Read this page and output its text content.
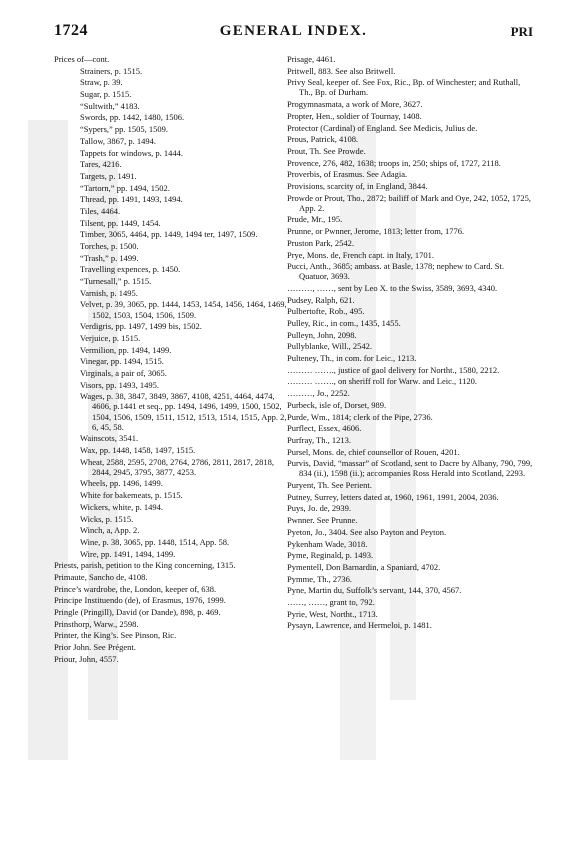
1724	GENERAL INDEX.	PRI

Prices of—cont.

Strainers, p. 1515.

Straw, p. 39.

Sugar, p. 1515.

“Sultwith,” 4183.

Swords, pp. 1442, 1480, 1506.

“Sypers,” pp. 1505, 1509.

Tallow, 3867, p. 1494.

Tappets for windows, p. 1444.

Tares, 4216.

Targets, p. 1491.

“Tartorn,” pp. 1494, 1502.

Thread, pp. 1491, 1493, 1494.

Tiles, 4464.

Tilsent, pp. 1449, 1454.

Timber, 3065, 4464, pp. 1449, 1494 ter, 1497, 1509.

Torches, p. 1500.

“Trash,” p. 1499.

Travelling expences, p. 1450.

“Turnesall,” p. 1515.

Varnish, p. 1495.

Velvet, p. 39, 3065, pp. 1444, 1453, 1454, 1456, 1464, 1469, 1502, 1503, 1504, 1506, 1509.

Verdigris, pp. 1497, 1499 bis, 1502.

Verjuice, p. 1515.

Vermilion, pp. 1494, 1499.

Vinegar, pp. 1494, 1515.

Virginals, a pair of, 3065.

Visors, pp. 1493, 1495.

Wages, p. 38, 3847, 3849, 3867, 4108, 4251, 4464, 4474, 4606, p.1441 et seq., pp. 1494, 1496, 1499, 1500, 1502, 1504, 1506, 1509, 1511, 1512, 1513, 1514, 1515, App. 2, 6, 45, 58.

Wainscots, 3541.

Wax, pp. 1448, 1458, 1497, 1515.

Wheat, 2588, 2595, 2708, 2764, 2786, 2811, 2817, 2818, 2844, 2945, 3795, 3877, 4253.

Wheels, pp. 1496, 1499.

White for bakemeats, p. 1515.

Wickers, white, p. 1494.

Wicks, p. 1515.

Winch, a, App. 2.

Wine, p. 38, 3065, pp. 1448, 1514, App. 58.

Wire, pp. 1491, 1494, 1499.

Priests, parish, petition to the King concerning, 1315.

Primaute, Sancho de, 4108.

Prince’s wardrobe, the, London, keeper of, 638.

Principe Instituendo (de), of Erasmus, 1976, 1999.

Pringle (Pringill), David (or Dande), 898, p. 469.

Prinsthorp, Warw., 2598.

Printer, the King’s. See Pinson, Ric.

Prior John. See Prégent.

Priour, John, 4557.

Prisage, 4461.

Pritwell, 883. See also Britwell.

Privy Seal, keeper of. See Fox, Ric., Bp. of Winchester; and Ruthall, Th., Bp. of Durham.

Progymnasmata, a work of More, 3627.

Propter, Hen., soldier of Tournay, 1408.

Protector (Cardinal) of England. See Medicis, Julius de.

Prous, Patrick, 4108.

Prout, Th. See Prowde.

Provence, 276, 482, 1638; troops in, 250; ships of, 1727, 2118.

Proverbis, of Erasmus. See Adagia.

Provisions, scarcity of, in England, 3844.

Prowde or Prout, Tho., 2872; bailiff of Mark and Oye, 242, 1052, 1725, App. 2.

Prude, Mr., 195.

Prunne, or Pwnner, Jerome, 1813; letter from, 1776.

Pruston Park, 2542.

Prye, Mons. de, French capt. in Italy, 1701.

Pucci, Anth., 3685; ambass. at Basle, 1378; nephew to Card. St. Quatuor, 3693.

………, ……, sent by Leo X. to the Swiss, 3589, 3693, 4340.

Pudsey, Ralph, 621.

Pulbertofte, Rob., 495.

Pulley, Ric., in com., 1435, 1455.

Pulleyn, John, 2098.

Pullyblanke, Will., 2542.

Pulteney, Th., in com. for Leic., 1213.

……… ……., justice of gaol delivery for Northt., 1580, 2212.

……… ……., on sheriff roll for Warw. and Leic., 1120.

………, Jo., 2252.

Purbeck, isle of, Dorset, 989.

Purde, Wm., 1814; clerk of the Pipe, 2736.

Purflect, Essex, 4606.

Purfray, Th., 1213.

Pursel, Mons. de, chief counsellor of Rouen, 4201.

Purvis, David, “massar” of Scotland, sent to Dacre by Albany, 790, 799, 834 (ii.), 1598 (ii.); accompanies Ross Herald into Scotland, 2293.

Puryent, Th. See Perient.

Putney, Surrey, letters dated at, 1960, 1961, 1991, 2004, 2036.

Puys, Jo. de, 2939.

Pwnner. See Prunne.

Pyeton, Jo., 3404. See also Payton and Peyton.

Pykenham Wade, 3018.

Pyme, Reginald, p. 1493.

Pymentell, Don Barnardin, a Spaniard, 4702.

Pymme, Th., 2736.

Pyne, Martin du, Suffolk’s servant, 144, 370, 4567.

……, ……, grant to, 792.

Pyrie, West, Northt., 1713.

Pysayn, Lawrence, and Hermeloi, p. 1481.
